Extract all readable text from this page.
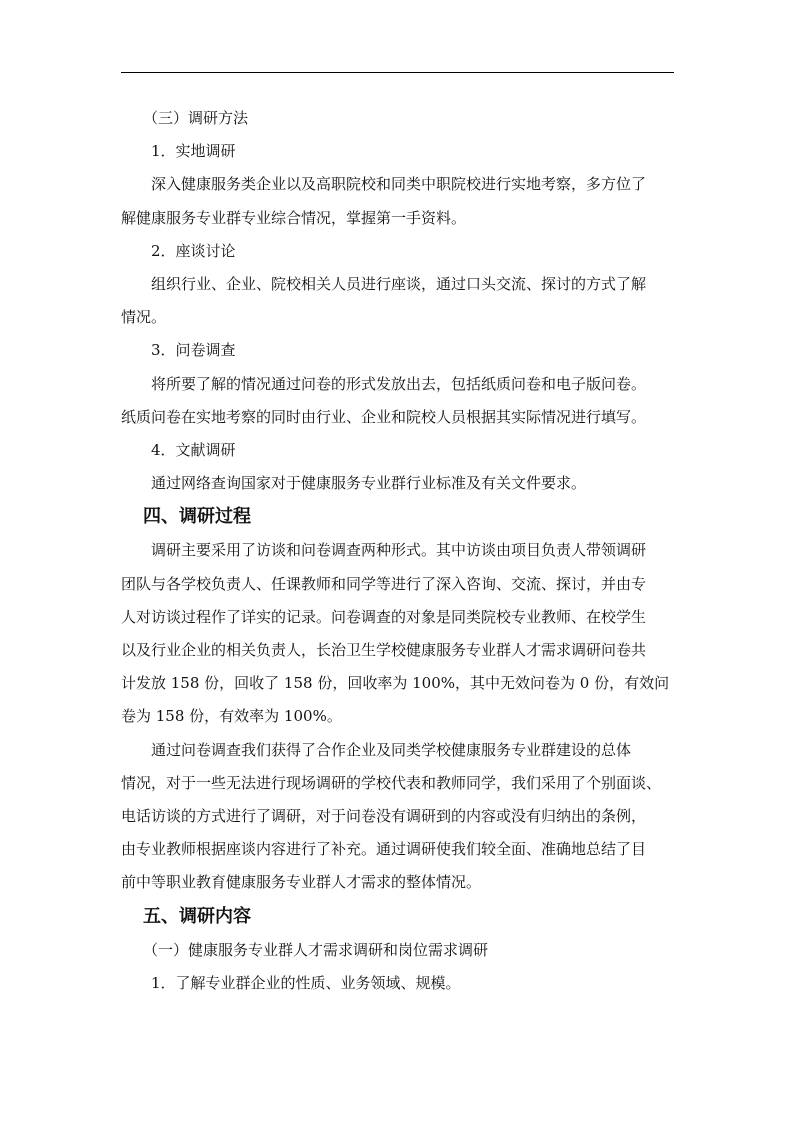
（三）调研方法

1．实地调研

深入健康服务类企业以及高职院校和同类中职院校进行实地考察，多方位了

解健康服务专业群专业综合情况，掌握第一手资料。

2．座谈讨论

组织行业、企业、院校相关人员进行座谈，通过口头交流、探讨的方式了解

情况。

3．问卷调查

将所要了解的情况通过问卷的形式发放出去，包括纸质问卷和电子版问卷。

纸质问卷在实地考察的同时由行业、企业和院校人员根据其实际情况进行填写。

4．文献调研

通过网络查询国家对于健康服务专业群行业标准及有关文件要求。

四、调研过程

调研主要采用了访谈和问卷调查两种形式。其中访谈由项目负责人带领调研

团队与各学校负责人、任课教师和同学等进行了深入咨询、交流、探讨，并由专

人对访谈过程作了详实的记录。问卷调查的对象是同类院校专业教师、在校学生

以及行业企业的相关负责人，长治卫生学校健康服务专业群人才需求调研问卷共

计发放 158 份，回收了 158 份，回收率为 100%，其中无效问卷为 0 份，有效问

卷为 158 份，有效率为 100%。

通过问卷调查我们获得了合作企业及同类学校健康服务专业群建设的总体

情况，对于一些无法进行现场调研的学校代表和教师同学，我们采用了个别面谈、

电话访谈的方式进行了调研，对于问卷没有调研到的内容或没有归纳出的条例，

由专业教师根据座谈内容进行了补充。通过调研使我们较全面、准确地总结了目

前中等职业教育健康服务专业群人才需求的整体情况。

五、调研内容

（一）健康服务专业群人才需求调研和岗位需求调研

1．了解专业群企业的性质、业务领域、规模。
